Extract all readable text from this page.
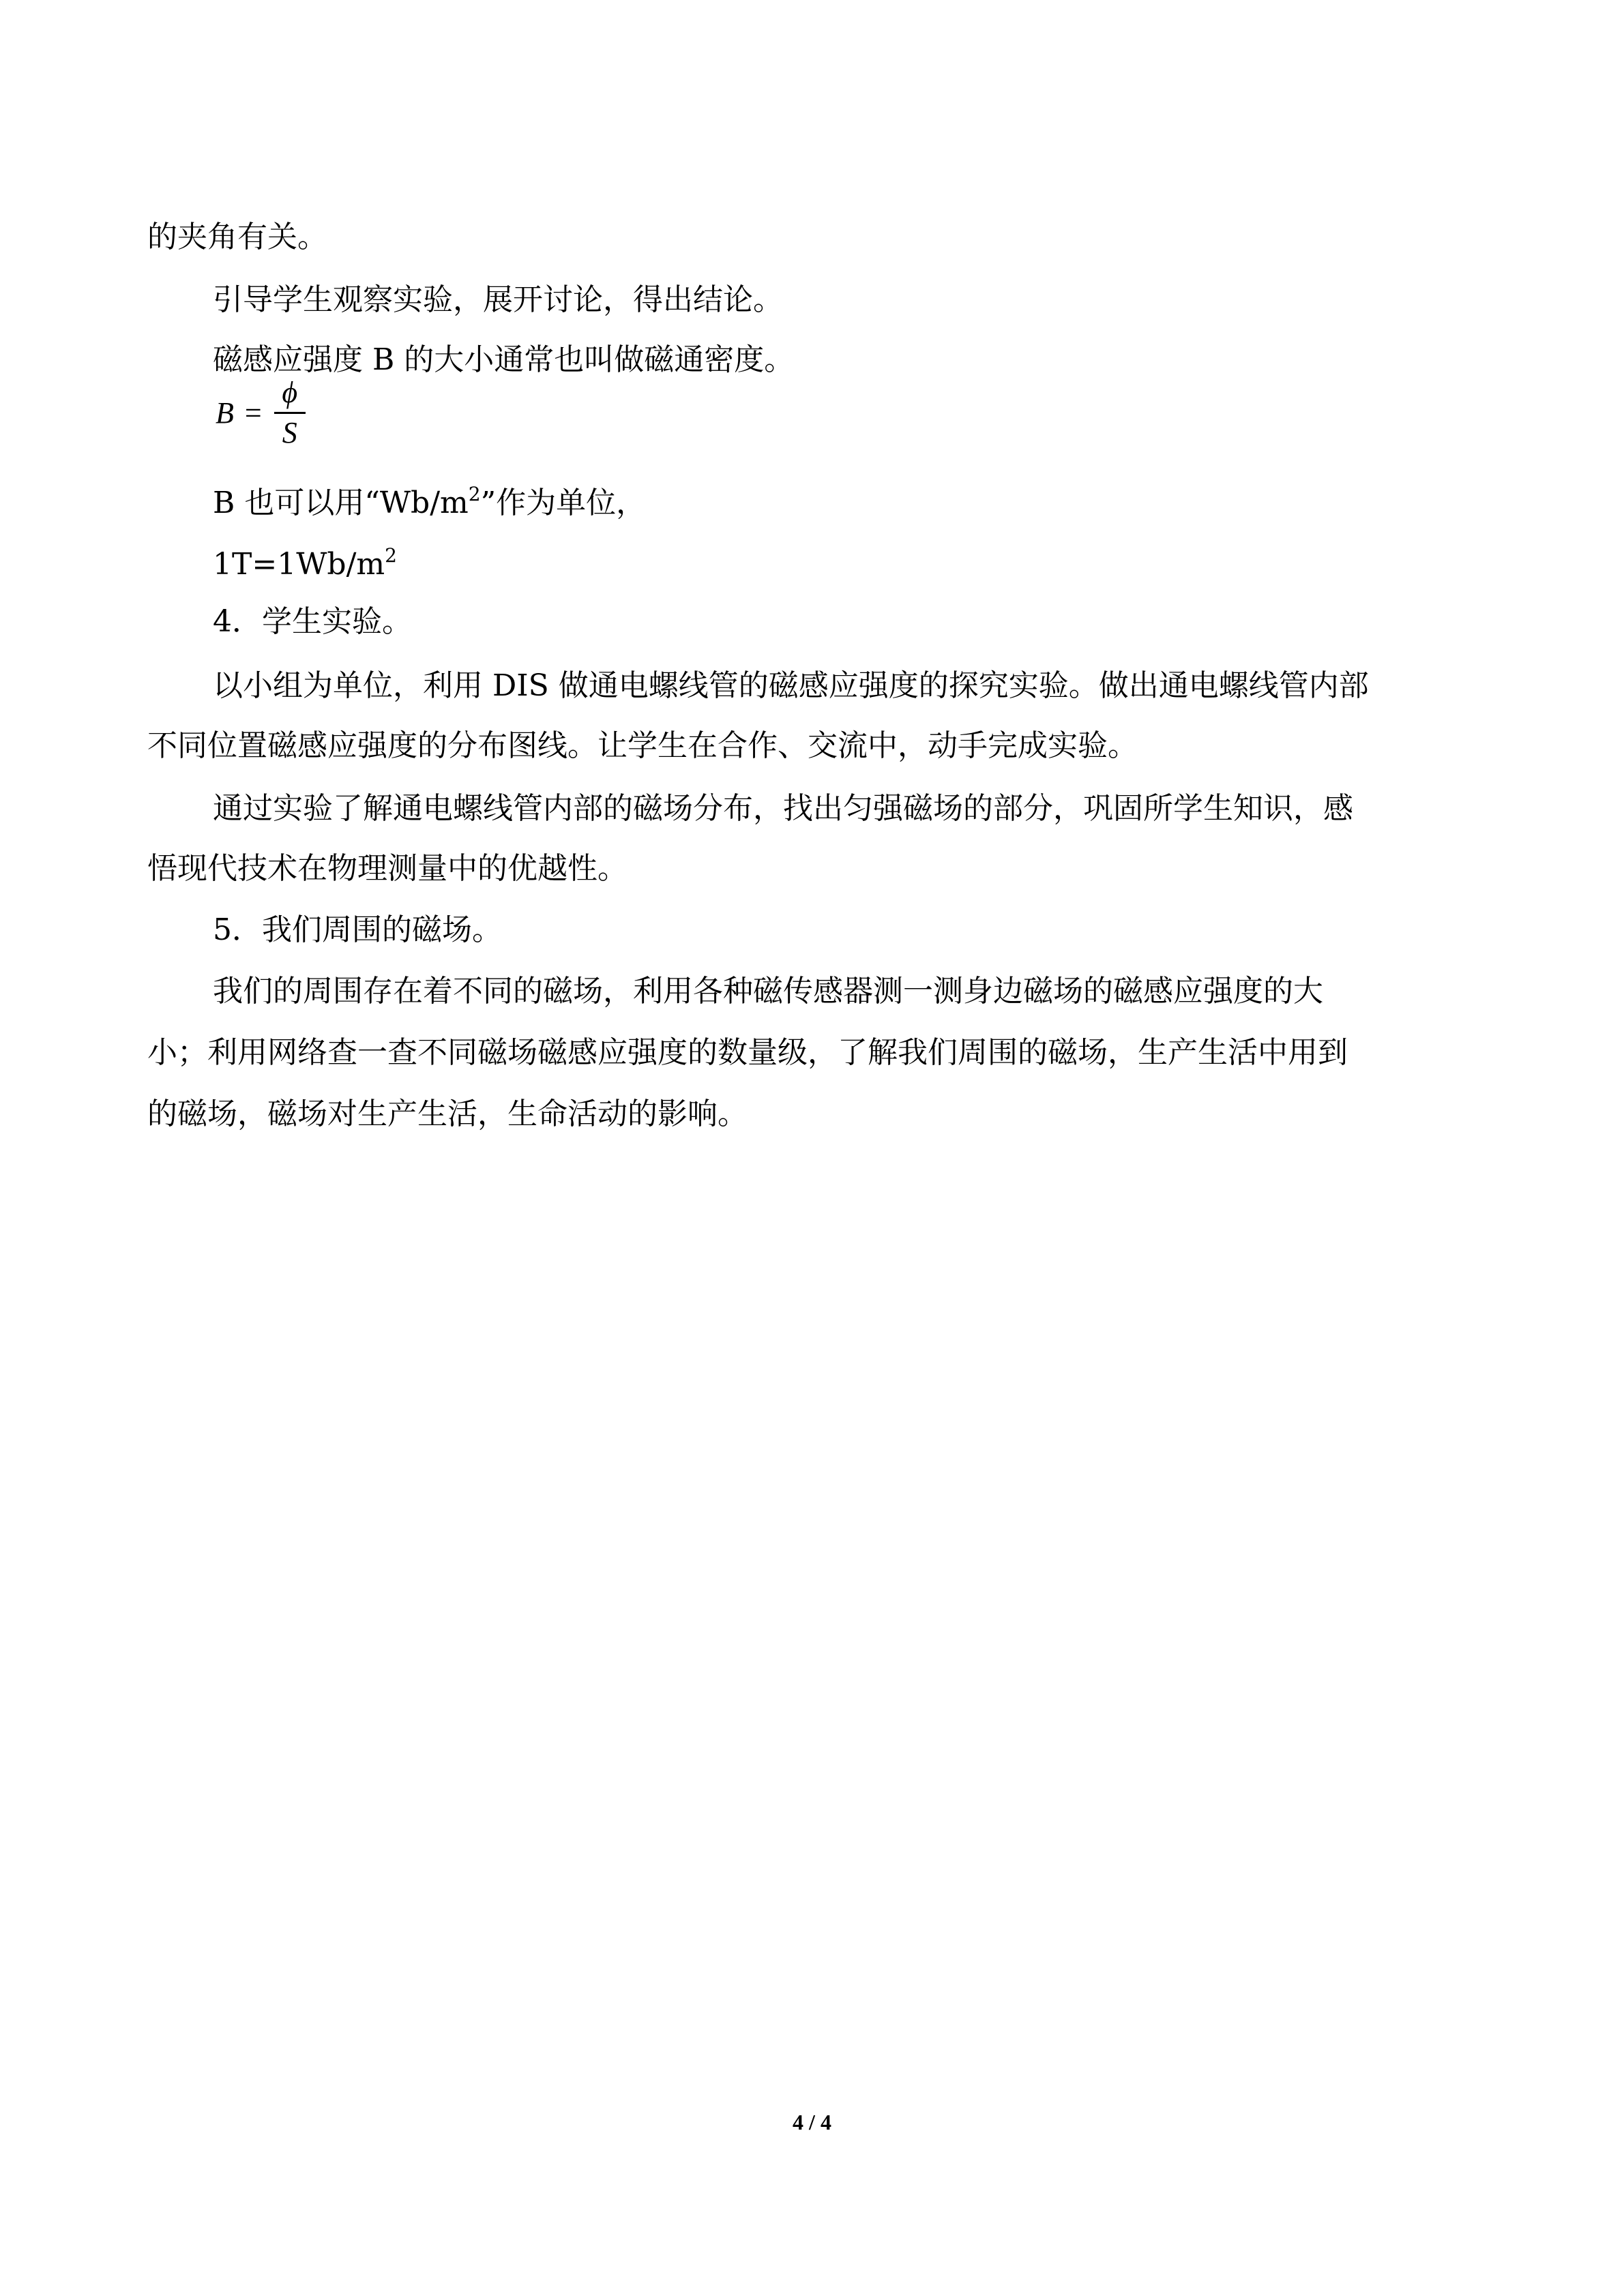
的夹角有关。
引导学生观察实验，展开讨论，得出结论。
磁感应强度 B 的大小通常也叫做磁通密度。
$B = \frac{\phi}{S}$
B 也可以用“$Wb/m^2$”作为单位，
$1T=1Wb/m^2$
4．学生实验。
以小组为单位，利用 DIS 做通电螺线管的磁感应强度的探究实验。做出通电螺线管内部
不同位置磁感应强度的分布图线。让学生在合作、交流中，动手完成实验。
通过实验了解通电螺线管内部的磁场分布，找出匀强磁场的部分，巩固所学生知识，感
悟现代技术在物理测量中的优越性。
5．我们周围的磁场。
我们的周围存在着不同的磁场，利用各种磁传感器测一测身边磁场的磁感应强度的大
小；利用网络查一查不同磁场磁感应强度的数量级，了解我们周围的磁场，生产生活中用到
的磁场，磁场对生产生活，生命活动的影响。
4 / 4
